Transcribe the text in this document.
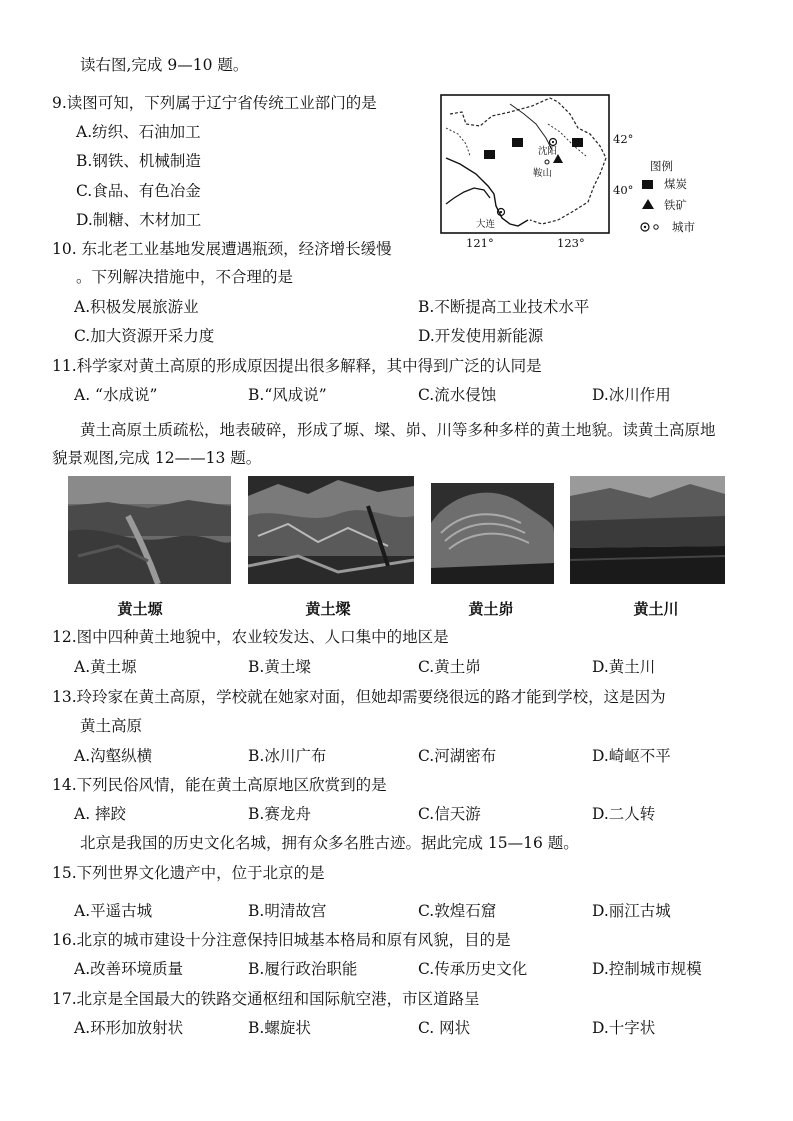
读右图,完成 9—10 题。
9.读图可知，下列属于辽宁省传统工业部门的是
A.纺织、石油加工
B.钢铁、机械制造
C.食品、有色冶金
D.制糖、木材加工
沈阳
鞍山
大连
42°
40°
121°	123°
图例
煤炭
铁矿
城市
10. 东北老工业基地发展遭遇瓶颈，经济增长缓慢
。下列解决措施中，不合理的是
A.积极发展旅游业	B.不断提高工业技术水平
C.加大资源开采力度	D.开发使用新能源
11.科学家对黄土高原的形成原因提出很多解释，其中得到广泛的认同是
A. “水成说”	B.“风成说”	C.流水侵蚀	D.冰川作用
黄土高原土质疏松，地表破碎，形成了塬、墚、峁、川等多种多样的黄土地貌。读黄土高原地
貌景观图,完成 12——13 题。
黄土塬	黄土墚	黄土峁	黄土川
12.图中四种黄土地貌中，农业较发达、人口集中的地区是
A.黄土塬	B.黄土墚	C.黄土峁	D.黄土川
13.玲玲家在黄土高原，学校就在她家对面，但她却需要绕很远的路才能到学校，这是因为
黄土高原
A.沟壑纵横	B.冰川广布	C.河湖密布	D.崎岖不平
14.下列民俗风情，能在黄土高原地区欣赏到的是
A. 摔跤	B.赛龙舟	C.信天游	D.二人转
北京是我国的历史文化名城，拥有众多名胜古迹。据此完成 15—16 题。
15.下列世界文化遗产中，位于北京的是
A.平遥古城	B.明清故宫	C.敦煌石窟	D.丽江古城
16.北京的城市建设十分注意保持旧城基本格局和原有风貌，目的是
A.改善环境质量	B.履行政治职能	C.传承历史文化	D.控制城市规模
17.北京是全国最大的铁路交通枢纽和国际航空港，市区道路呈
A.环形加放射状	B.螺旋状	C. 网状	D.十字状
